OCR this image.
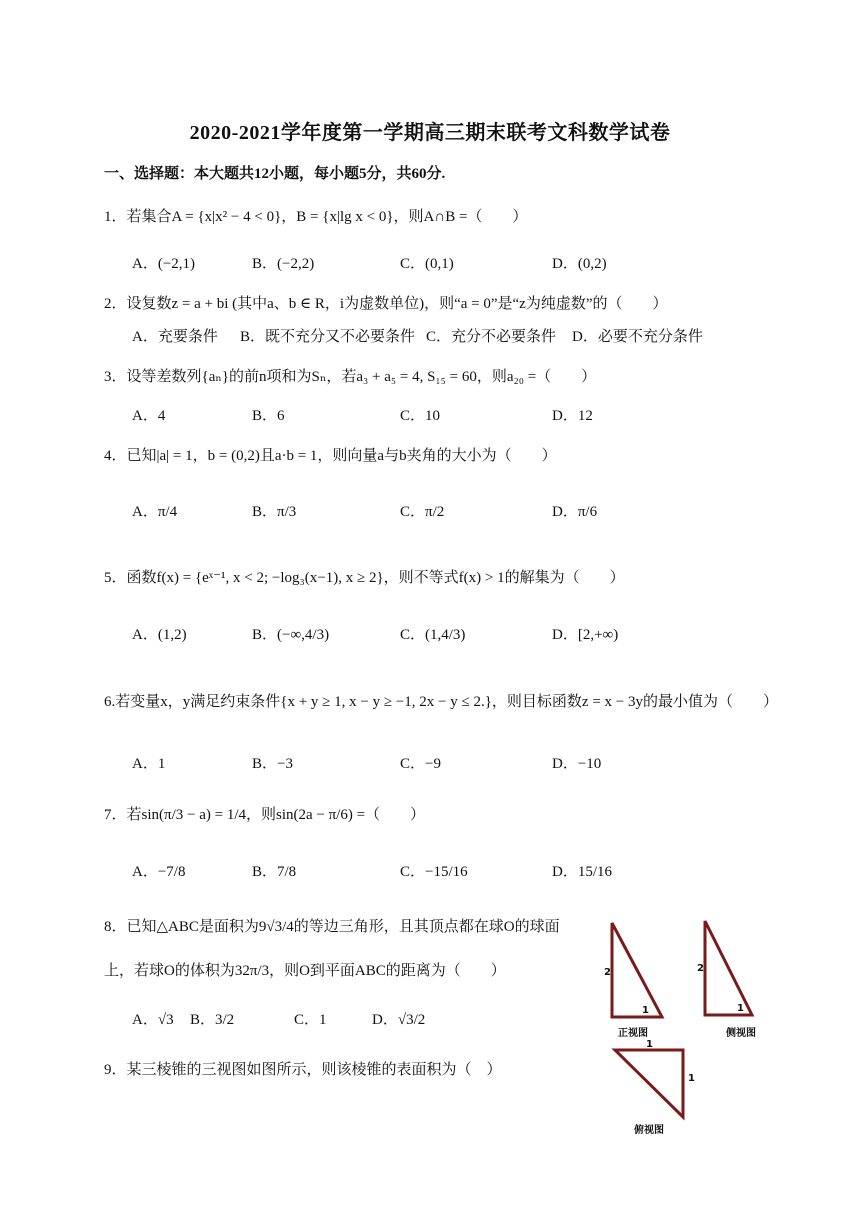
2020-2021学年度第一学期高三期末联考文科数学试卷
一、选择题：本大题共12小题，每小题5分，共60分.
1．若集合A = {x|x² − 4 < 0}，B = {x|lg x < 0}，则A∩B =（　　）
A．(−2,1)	B．(−2,2)	C．(0,1)	D．(0,2)
2．设复数z = a + bi (其中a、b ∈ R，i为虚数单位)，则“a = 0”是“z为纯虚数”的（　　）
A．充要条件 B．既不充分又不必要条件 C．充分不必要条件 D．必要不充分条件
3．设等差数列{aₙ}的前n项和为Sₙ，若a₃ + a₅ = 4, S₁₅ = 60，则a₂₀ =（　　）
A．4	B．6	C．10	D．12
4．已知|a| = 1，b = (0,2)且a·b = 1，则向量a与b夹角的大小为（　　）
A．π/4	B．π/3	C．π/2	D．π/6
5．函数f(x) = {eˣ⁻¹, x < 2; −log₃(x−1), x ≥ 2}，则不等式f(x) > 1的解集为（　　）
A．(1,2)	B．(−∞,4/3)	C．(1,4/3)	D．[2,+∞)
6.若变量x，y满足约束条件{x + y ≥ 1, x − y ≥ −1, 2x − y ≤ 2.}，则目标函数z = x − 3y的最小值为（　　）
A．1	B．−3	C．−9	D．−10
7．若sin(π/3 − a) = 1/4，则sin(2a − π/6) =（　　）
A．−7/8	B．7/8	C．−15/16	D．15/16
8．已知△ABC是面积为9√3/4的等边三角形，且其顶点都在球O的球面上，若球O的体积为32π/3，则O到平面ABC的距离为（　　）
A．√3 B．3/2	C．1	D．√3/2
9．某三棱锥的三视图如图所示，则该棱锥的表面积为（　）
2
1
正视图
2
1
侧视图
1
1
俯视图
